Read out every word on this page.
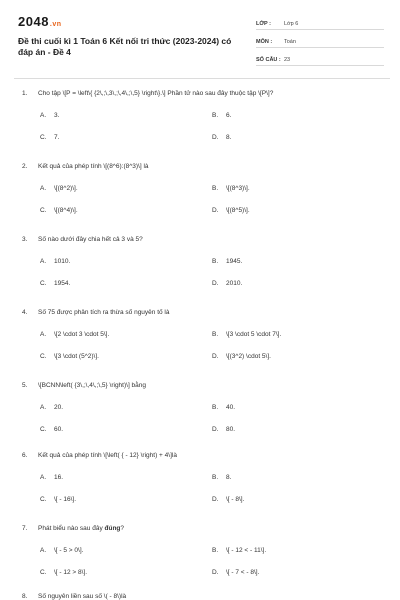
2048.vn
Đề thi cuối kì 1 Toán 6 Kết nối tri thức (2023-2024) có đáp án - Đề 4
LỚP :	Lớp 6
MÔN :	Toán
SỐ CÂU : 23
1. Cho tập \[P = \left\{ {2\,;\,3\,;\,4\,;\,5} \right\}.\] Phần tử nào sau đây thuộc tập \[P\]?
A. 3.	B. 6.
C. 7.	D. 8.
2. Kết quả của phép tính \[(8^6):(8^3)\] là
A. \[(8^2)\].	B. \[(8^3)\].
C. \[(8^4)\].	D. \[(8^5)\].
3. Số nào dưới đây chia hết cả 3 và 5?
A. 1010.	B. 1945.
C. 1954.	D. 2010.
4. Số 75 được phân tích ra thừa số nguyên tố là
A. \[2 \cdot 3 \cdot 5\].	B. \[3 \cdot 5 \cdot 7\].
C. \[3 \cdot (5^2)\].	D. \[(3^2) \cdot 5\].
5. \[BCNN\left( {3\,;\,4\,;\,5} \right)\] bằng
A. 20.	B. 40.
C. 60.	D. 80.
6. Kết quả của phép tính \[\left( { - 12} \right) + 4\]là
A. 16.	B. 8.
C. \[ - 16\].	D. \[ - 8\].
7. Phát biểu nào sau đây đúng?
A. \[ - 5 > 0\].	B. \[ - 12 < - 11\].
C. \[ - 12 > 8\].	D. \[ - 7 < - 8\].
8. Số nguyên liền sau số \( - 8\)là
